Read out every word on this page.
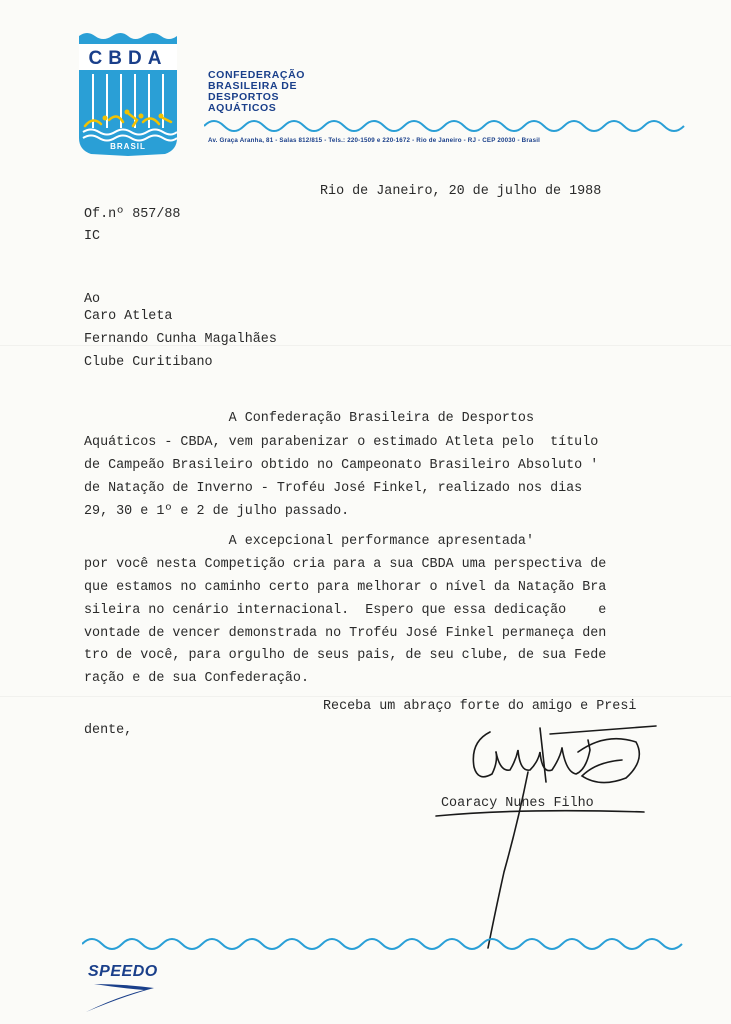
CBDA
BRASIL
CONFEDERAÇÃO
BRASILEIRA DE
DESPORTOS
AQUÁTICOS
Av. Graça Aranha, 81 - Salas 812/815 - Tels.: 220-1509 e 220-1672 - Rio de Janeiro - RJ - CEP 20030 - Brasil
Rio de Janeiro, 20 de julho de 1988
Of.nº 857/88
IC
Ao
Caro Atleta
Fernando Cunha Magalhães
Clube Curitibano
A Confederação Brasileira de Desportos
Aquáticos - CBDA, vem parabenizar o estimado Atleta pelo  título
de Campeão Brasileiro obtido no Campeonato Brasileiro Absoluto '
de Natação de Inverno - Troféu José Finkel, realizado nos dias
29, 30 e 1º e 2 de julho passado.
A excepcional performance apresentada'
por você nesta Competição cria para a sua CBDA uma perspectiva de
que estamos no caminho certo para melhorar o nível da Natação Bra
sileira no cenário internacional.  Espero que essa dedicação    e
vontade de vencer demonstrada no Troféu José Finkel permaneça den
tro de você, para orgulho de seus pais, de seu clube, de sua Fede
ração e de sua Confederação.
Receba um abraço forte do amigo e Presi
dente,
Coaracy Nunes Filho
SPEEDO
